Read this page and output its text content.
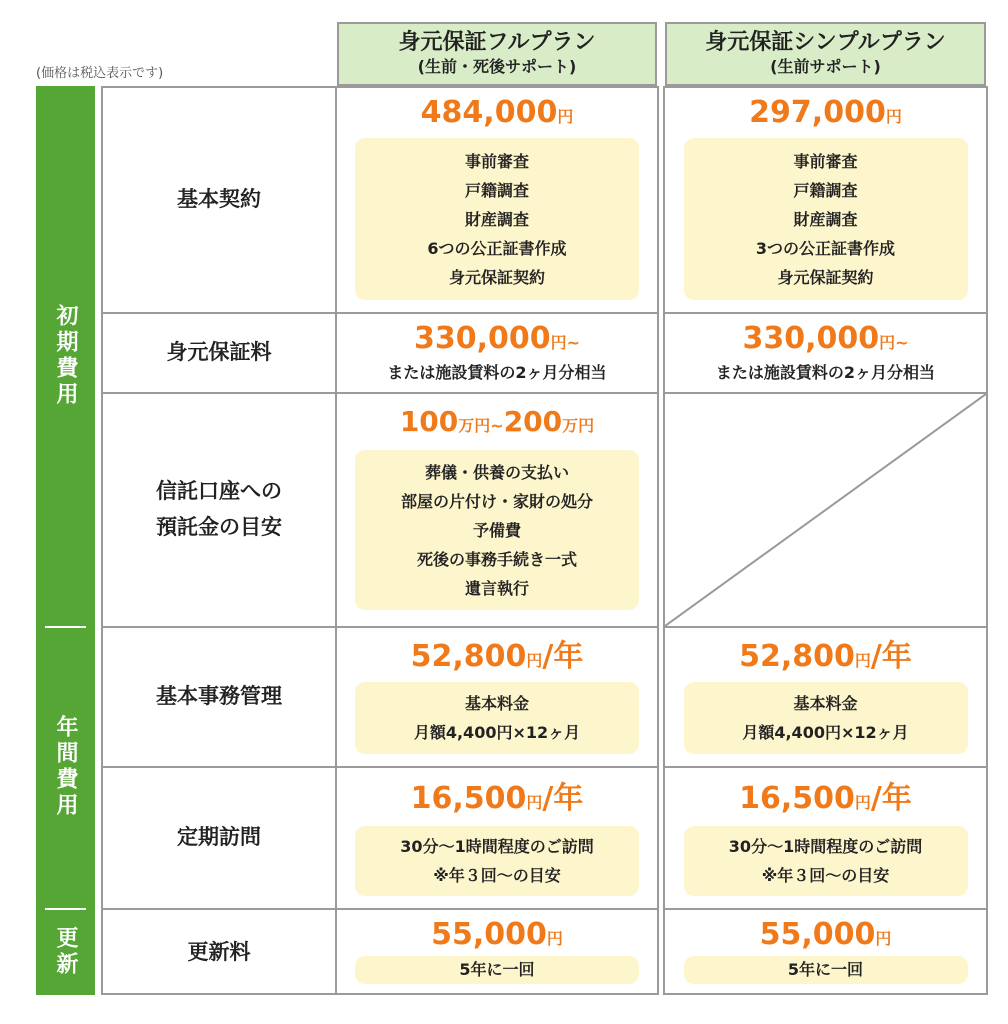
(価格は税込表示です)
身元保証フルプラン
(生前・死後サポート)
身元保証シンプルプラン
(生前サポート)
初期費用
年間費用
更新
基本契約
身元保証料
信託口座への
預託金の目安
基本事務管理
定期訪問
更新料
484,000円
事前審査
戸籍調査
財産調査
6つの公正証書作成
身元保証契約
297,000円
事前審査
戸籍調査
財産調査
3つの公正証書作成
身元保証契約
330,000円~
または施設賃料の2ヶ月分相当
330,000円~
または施設賃料の2ヶ月分相当
100万円~200万円
葬儀・供養の支払い
部屋の片付け・家財の処分
予備費
死後の事務手続き一式
遺言執行
52,800円/年
基本料金
月額4,400円×12ヶ月
52,800円/年
基本料金
月額4,400円×12ヶ月
16,500円/年
30分〜1時間程度のご訪問
※年３回〜の目安
16,500円/年
30分〜1時間程度のご訪問
※年３回〜の目安
55,000円
5年に一回
55,000円
5年に一回
